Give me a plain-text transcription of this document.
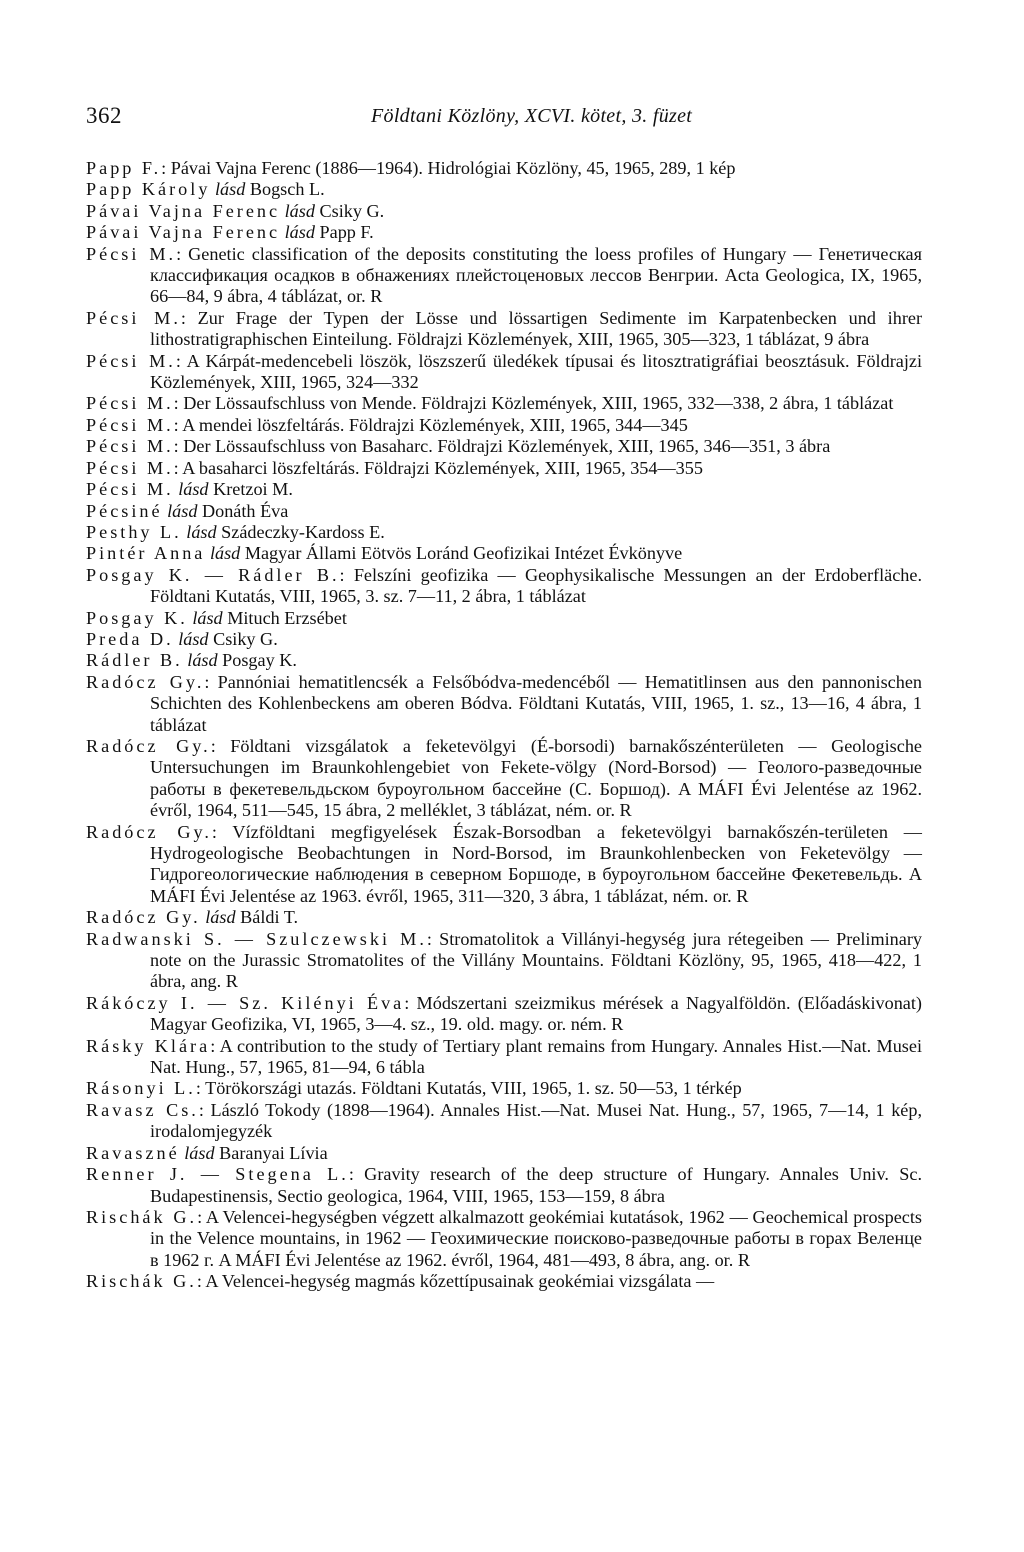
362	Földtani Közlöny, XCVI. kötet, 3. füzet

Papp F.: Pávai Vajna Ferenc (1886—1964). Hidrológiai Közlöny, 45, 1965, 289, 1 kép

Papp Károly lásd Bogsch L.

Pávai Vajna Ferenc lásd Csiky G.

Pávai Vajna Ferenc lásd Papp F.

Pécsi M.: Genetic classification of the deposits constituting the loess profiles of Hungary — Генетическая классификация осадков в обнажениях плейстоценовых лессов Венгрии. Acta Geologica, IX, 1965, 66—84, 9 ábra, 4 táblázat, or. R

Pécsi M.: Zur Frage der Typen der Lösse und lössartigen Sedimente im Karpatenbecken und ihrer lithostratigraphischen Einteilung. Földrajzi Közlemények, XIII, 1965, 305—323, 1 táblázat, 9 ábra

Pécsi M.: A Kárpát-medencebeli löszök, löszszerű üledékek típusai és litosztratigráfiai beosztásuk. Földrajzi Közlemények, XIII, 1965, 324—332

Pécsi M.: Der Lössaufschluss von Mende. Földrajzi Közlemények, XIII, 1965, 332—338, 2 ábra, 1 táblázat

Pécsi M.: A mendei löszfeltárás. Földrajzi Közlemények, XIII, 1965, 344—345

Pécsi M.: Der Lössaufschluss von Basaharc. Földrajzi Közlemények, XIII, 1965, 346—351, 3 ábra

Pécsi M.: A basaharci löszfeltárás. Földrajzi Közlemények, XIII, 1965, 354—355

Pécsi M. lásd Kretzoi M.

Pécsiné lásd Donáth Éva

Pesthy L. lásd Szádeczky-Kardoss E.

Pintér Anna lásd Magyar Állami Eötvös Loránd Geofizikai Intézet Évkönyve

Posgay K. — Rádler B.: Felszíni geofizika — Geophysikalische Messungen an der Erdoberfläche. Földtani Kutatás, VIII, 1965, 3. sz. 7—11, 2 ábra, 1 táblázat

Posgay K. lásd Mituch Erzsébet

Preda D. lásd Csiky G.

Rádler B. lásd Posgay K.

Radócz Gy.: Pannóniai hematitlencsék a Felsőbódva-medencéből — Hematitlinsen aus den pannonischen Schichten des Kohlenbeckens am oberen Bódva. Földtani Kutatás, VIII, 1965, 1. sz., 13—16, 4 ábra, 1 táblázat

Radócz Gy.: Földtani vizsgálatok a feketevölgyi (É-borsodi) barnakőszénterületen — Geologische Untersuchungen im Braunkohlengebiet von Fekete-völgy (Nord-Borsod) — Геолого-разведочные работы в фекетевельдьском буроугольном бассейне (С. Боршод). A MÁFI Évi Jelentése az 1962. évről, 1964, 511—545, 15 ábra, 2 melléklet, 3 táblázat, ném. or. R

Radócz Gy.: Vízföldtani megfigyelések Észak-Borsodban a feketevölgyi barnakőszén-területen — Hydrogeologische Beobachtungen in Nord-Borsod, im Braunkohlenbecken von Feketevölgy — Гидрогеологические наблюдения в северном Боршоде, в буроугольном бассейне Фекетевельдь. A MÁFI Évi Jelentése az 1963. évről, 1965, 311—320, 3 ábra, 1 táblázat, ném. or. R

Radócz Gy. lásd Báldi T.

Radwanski S. — Szulczewski M.: Stromatolitok a Villányi-hegység jura rétegeiben — Preliminary note on the Jurassic Stromatolites of the Villány Mountains. Földtani Közlöny, 95, 1965, 418—422, 1 ábra, ang. R

Rákóczy I. — Sz. Kilényi Éva: Módszertani szeizmikus mérések a Nagyalföldön. (Előadáskivonat) Magyar Geofizika, VI, 1965, 3—4. sz., 19. old. magy. or. ném. R

Rásky Klára: A contribution to the study of Tertiary plant remains from Hungary. Annales Hist.—Nat. Musei Nat. Hung., 57, 1965, 81—94, 6 tábla

Rásonyi L.: Törökországi utazás. Földtani Kutatás, VIII, 1965, 1. sz. 50—53, 1 térkép

Ravasz Cs.: László Tokody (1898—1964). Annales Hist.—Nat. Musei Nat. Hung., 57, 1965, 7—14, 1 kép, irodalomjegyzék

Ravaszné lásd Baranyai Lívia

Renner J. — Stegena L.: Gravity research of the deep structure of Hungary. Annales Univ. Sc. Budapestinensis, Sectio geologica, 1964, VIII, 1965, 153—159, 8 ábra

Rischák G.: A Velencei-hegységben végzett alkalmazott geokémiai kutatások, 1962 — Geochemical prospects in the Velence mountains, in 1962 — Геохимические поисково-разведочные работы в горах Веленце в 1962 г. A MÁFI Évi Jelentése az 1962. évről, 1964, 481—493, 8 ábra, ang. or. R

Rischák G.: A Velencei-hegység magmás kőzettípusainak geokémiai vizsgálata —
